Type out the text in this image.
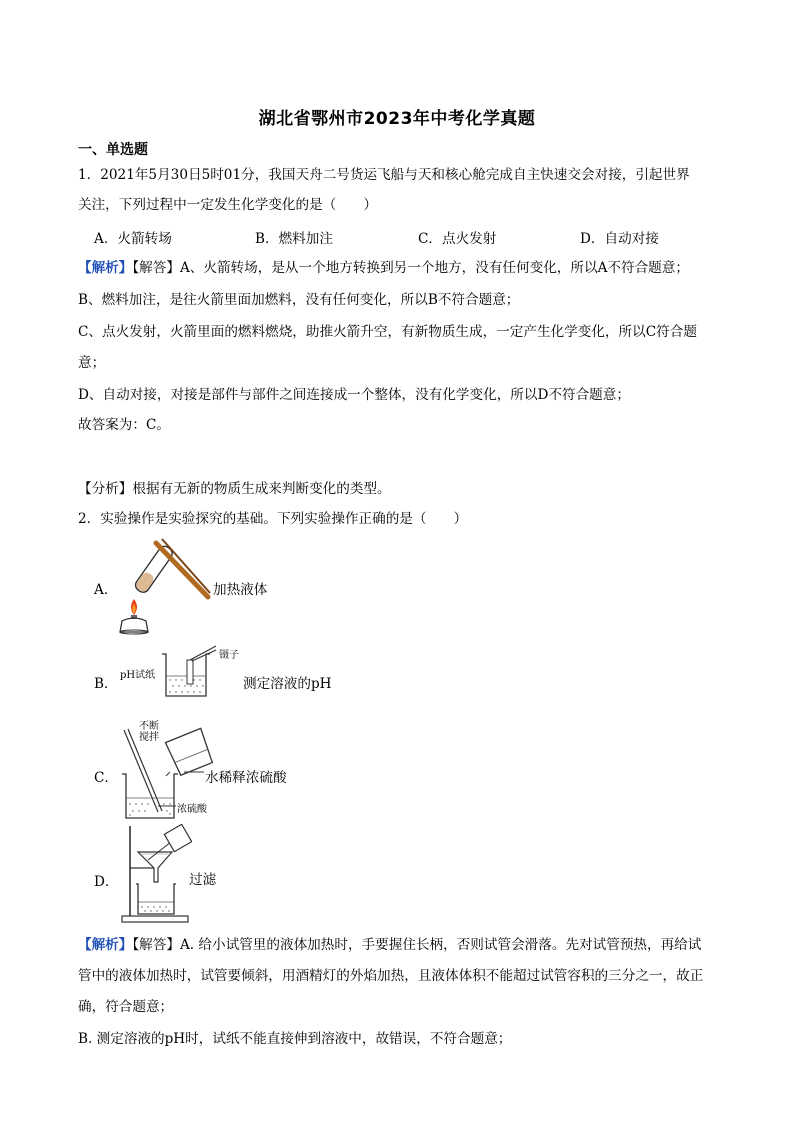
湖北省鄂州市2023年中考化学真题
一、单选题
1．2021年5月30日5时01分，我国天舟二号货运飞船与天和核心舱完成自主快速交会对接，引起世界
关注，下列过程中一定发生化学变化的是（　　）
A．火箭转场	B．燃料加注	C．点火发射	D．自动对接
【解析】【解答】A、火箭转场，是从一个地方转换到另一个地方，没有任何变化，所以A不符合题意；
B、燃料加注，是往火箭里面加燃料，没有任何变化，所以B不符合题意；
C、点火发射，火箭里面的燃料燃烧，助推火箭升空，有新物质生成，一定产生化学变化，所以C符合题
意；
D、自动对接，对接是部件与部件之间连接成一个整体，没有化学变化，所以D不符合题意；
故答案为：C。
【分析】根据有无新的物质生成来判断变化的类型。
2．实验操作是实验探究的基础。下列实验操作正确的是（　　）
A．	加热液体
B．
pH试纸
镊子
测定溶液的pH
C．
不断搅拌
浓硫酸
水稀释浓硫酸
D．	过滤
【解析】【解答】A. 给小试管里的液体加热时，手要握住长柄，否则试管会滑落。先对试管预热，再给试
管中的液体加热时，试管要倾斜，用酒精灯的外焰加热，且液体体积不能超过试管容积的三分之一，故正
确，符合题意；
B. 测定溶液的pH时，试纸不能直接伸到溶液中，故错误，不符合题意；
